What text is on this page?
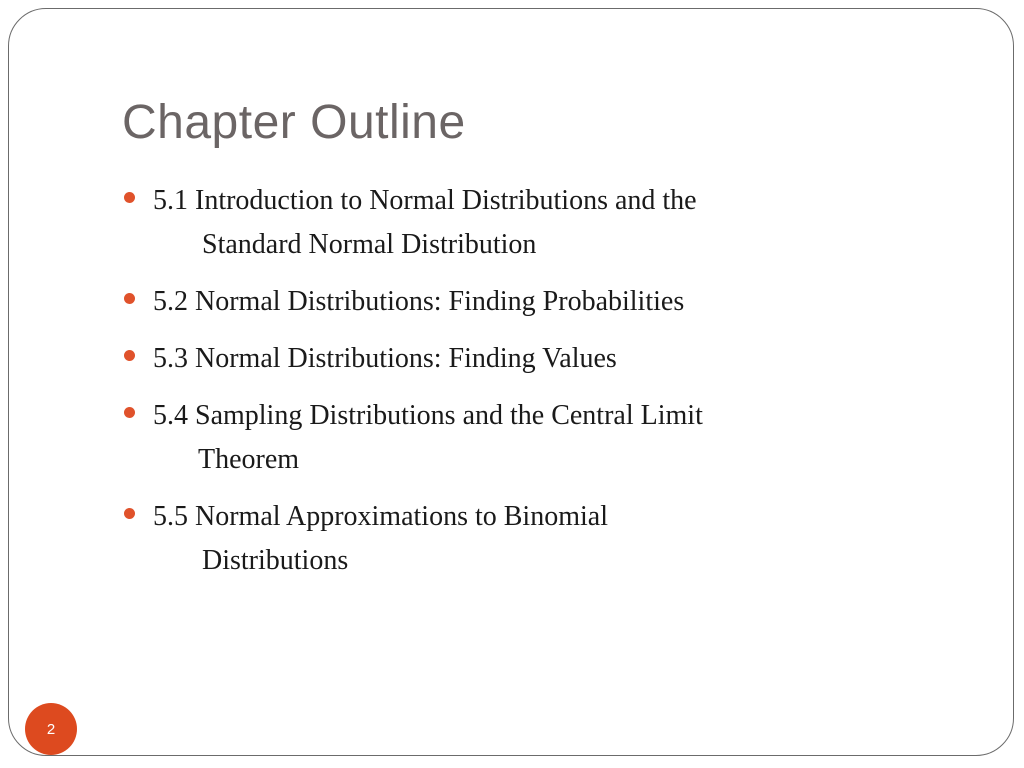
Chapter Outline
5.1 Introduction to Normal Distributions and the
Standard Normal Distribution
5.2 Normal Distributions: Finding Probabilities
5.3 Normal Distributions: Finding Values
5.4 Sampling Distributions and the Central Limit
Theorem
5.5 Normal Approximations to Binomial
Distributions
2
